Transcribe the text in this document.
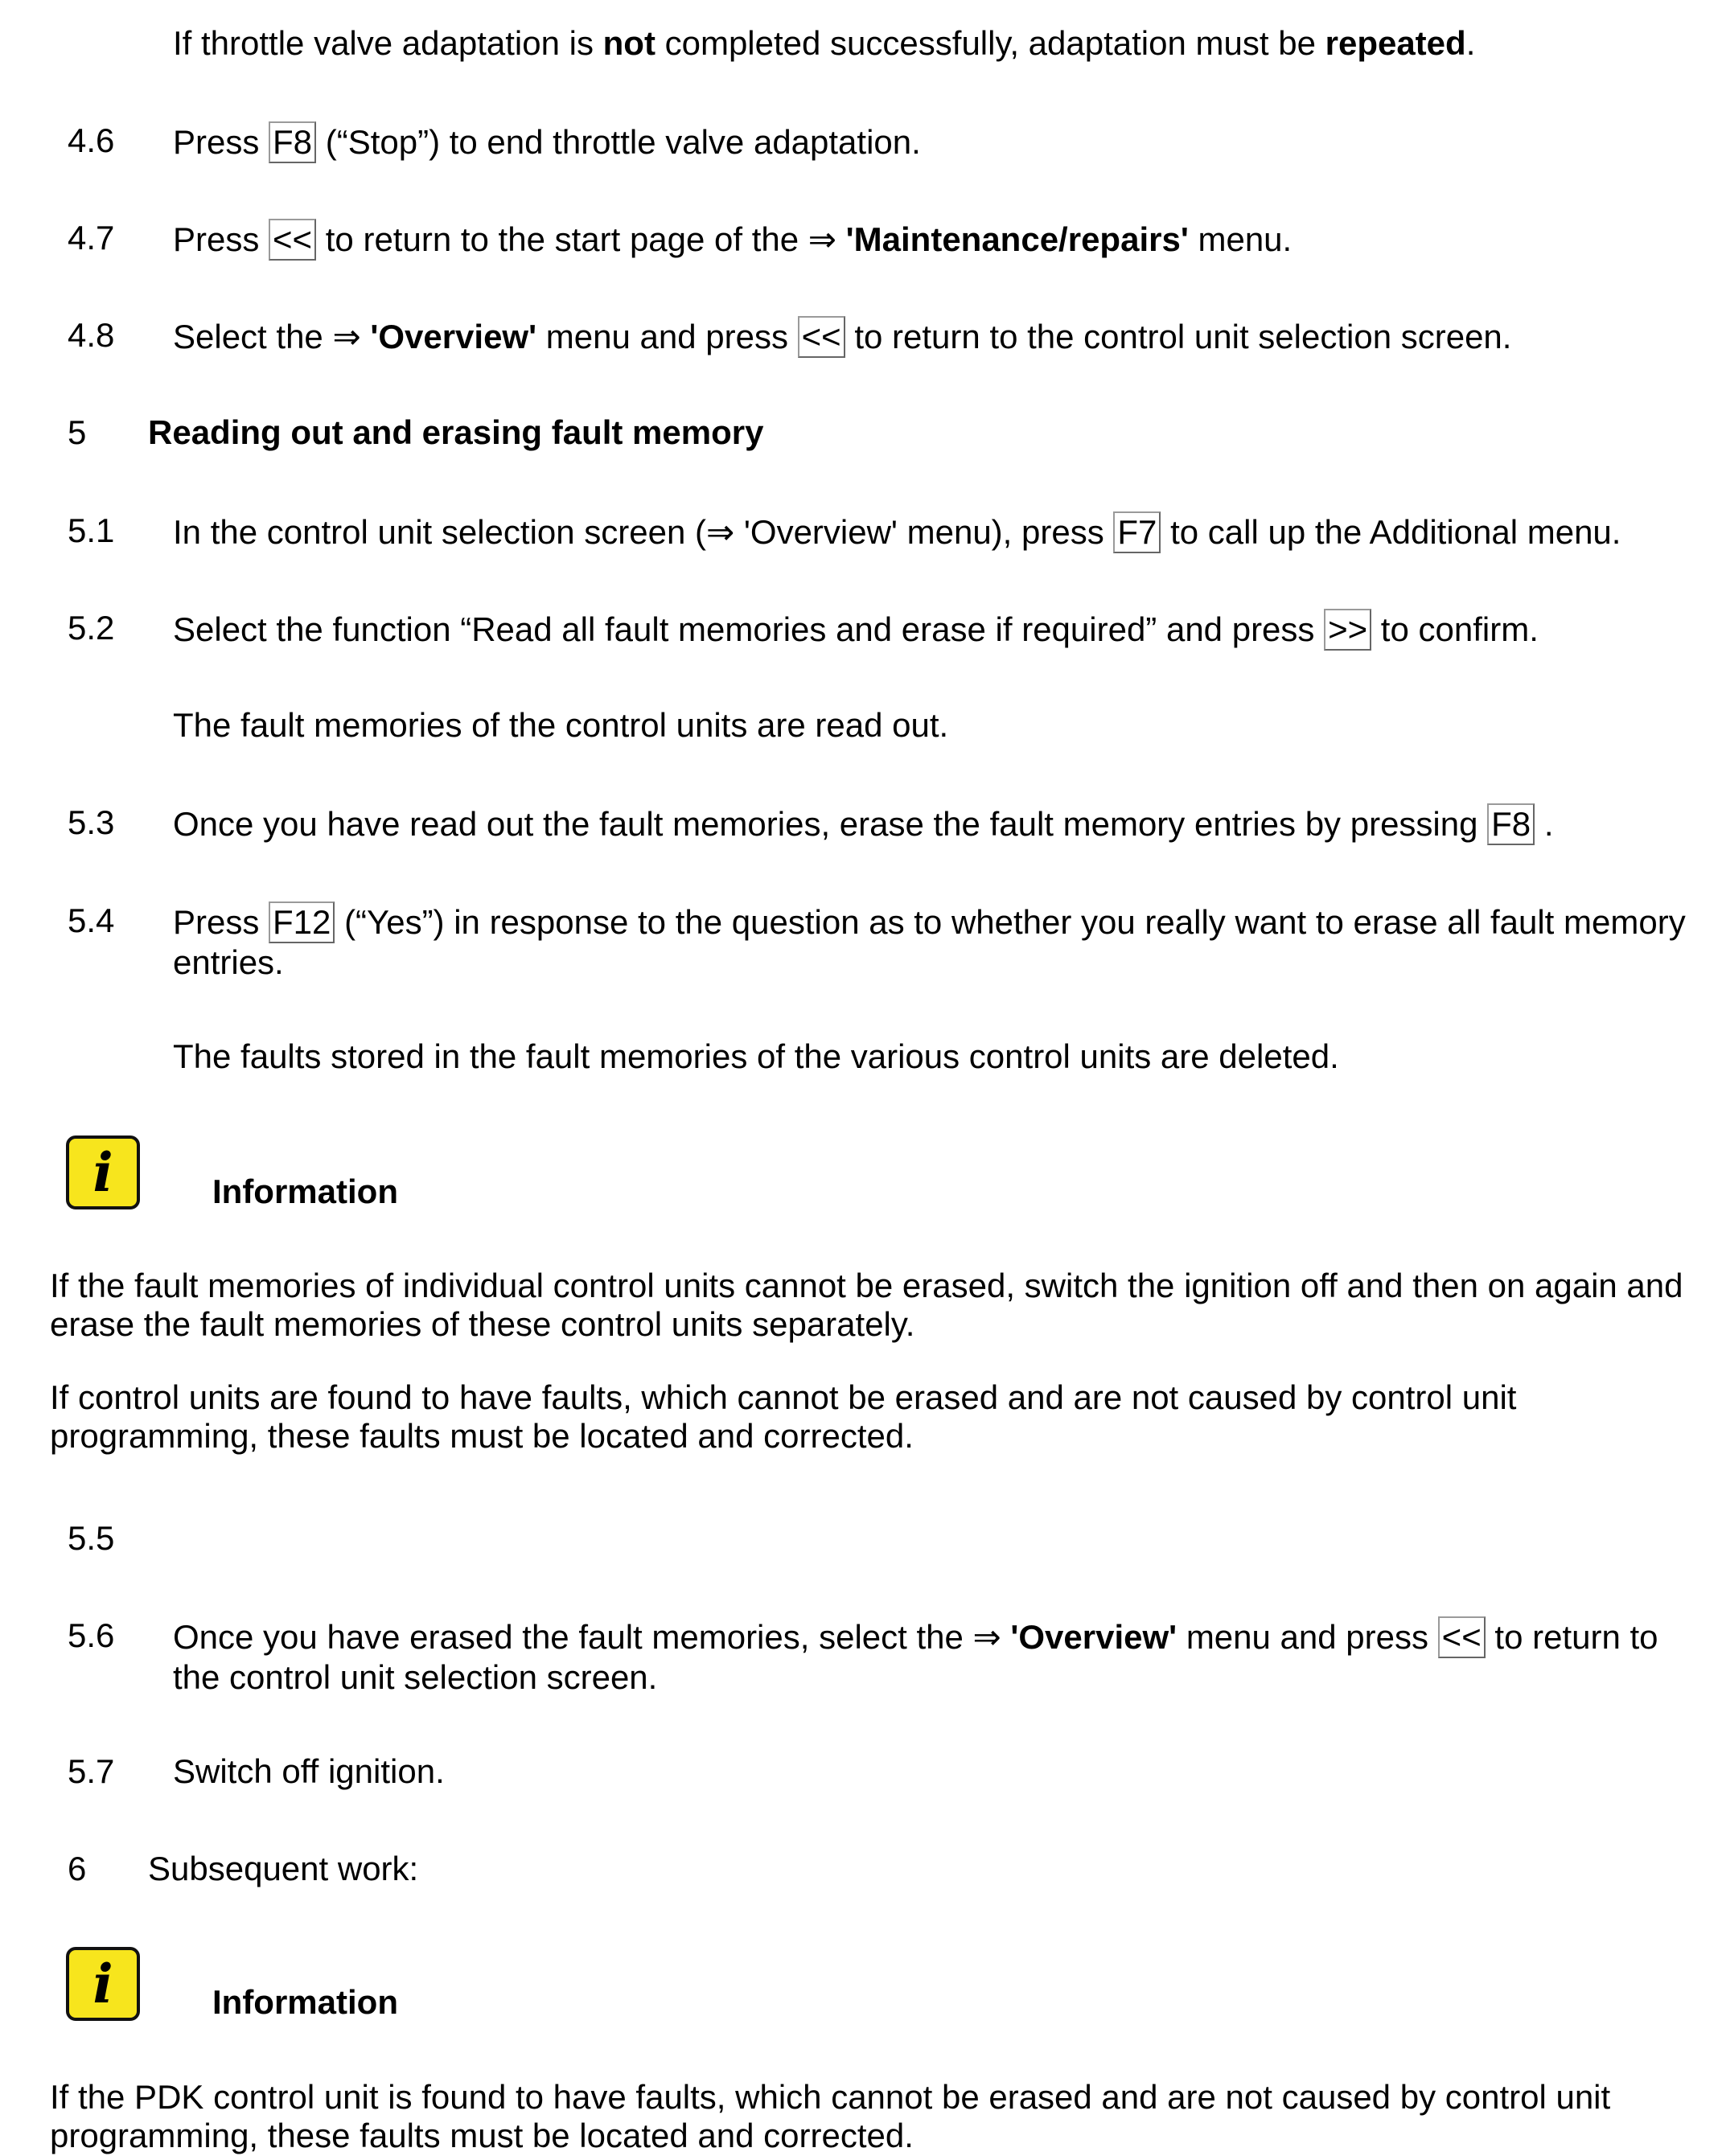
If throttle valve adaptation is not completed successfully, adaptation must be repeated.
4.6 Press F8 (“Stop”) to end throttle valve adaptation.
4.7 Press << to return to the start page of the ⇒ 'Maintenance/repairs' menu.
4.8 Select the ⇒ 'Overview' menu and press << to return to the control unit selection screen.
5 Reading out and erasing fault memory
5.1 In the control unit selection screen (⇒ 'Overview' menu), press F7 to call up the Additional menu.
5.2 Select the function “Read all fault memories and erase if required” and press >> to confirm.
The fault memories of the control units are read out.
5.3 Once you have read out the fault memories, erase the fault memory entries by pressing F8 .
5.4 Press F12 (“Yes”) in response to the question as to whether you really want to erase all fault memory entries.
The faults stored in the fault memories of the various control units are deleted.
i	Information
If the fault memories of individual control units cannot be erased, switch the ignition off and then on again and erase the fault memories of these control units separately.
If control units are found to have faults, which cannot be erased and are not caused by control unit programming, these faults must be located and corrected.
5.5
5.6 Once you have erased the fault memories, select the ⇒ 'Overview' menu and press << to return to the control unit selection screen.
5.7 Switch off ignition.
6 Subsequent work:
i	Information
If the PDK control unit is found to have faults, which cannot be erased and are not caused by control unit programming, these faults must be located and corrected.
